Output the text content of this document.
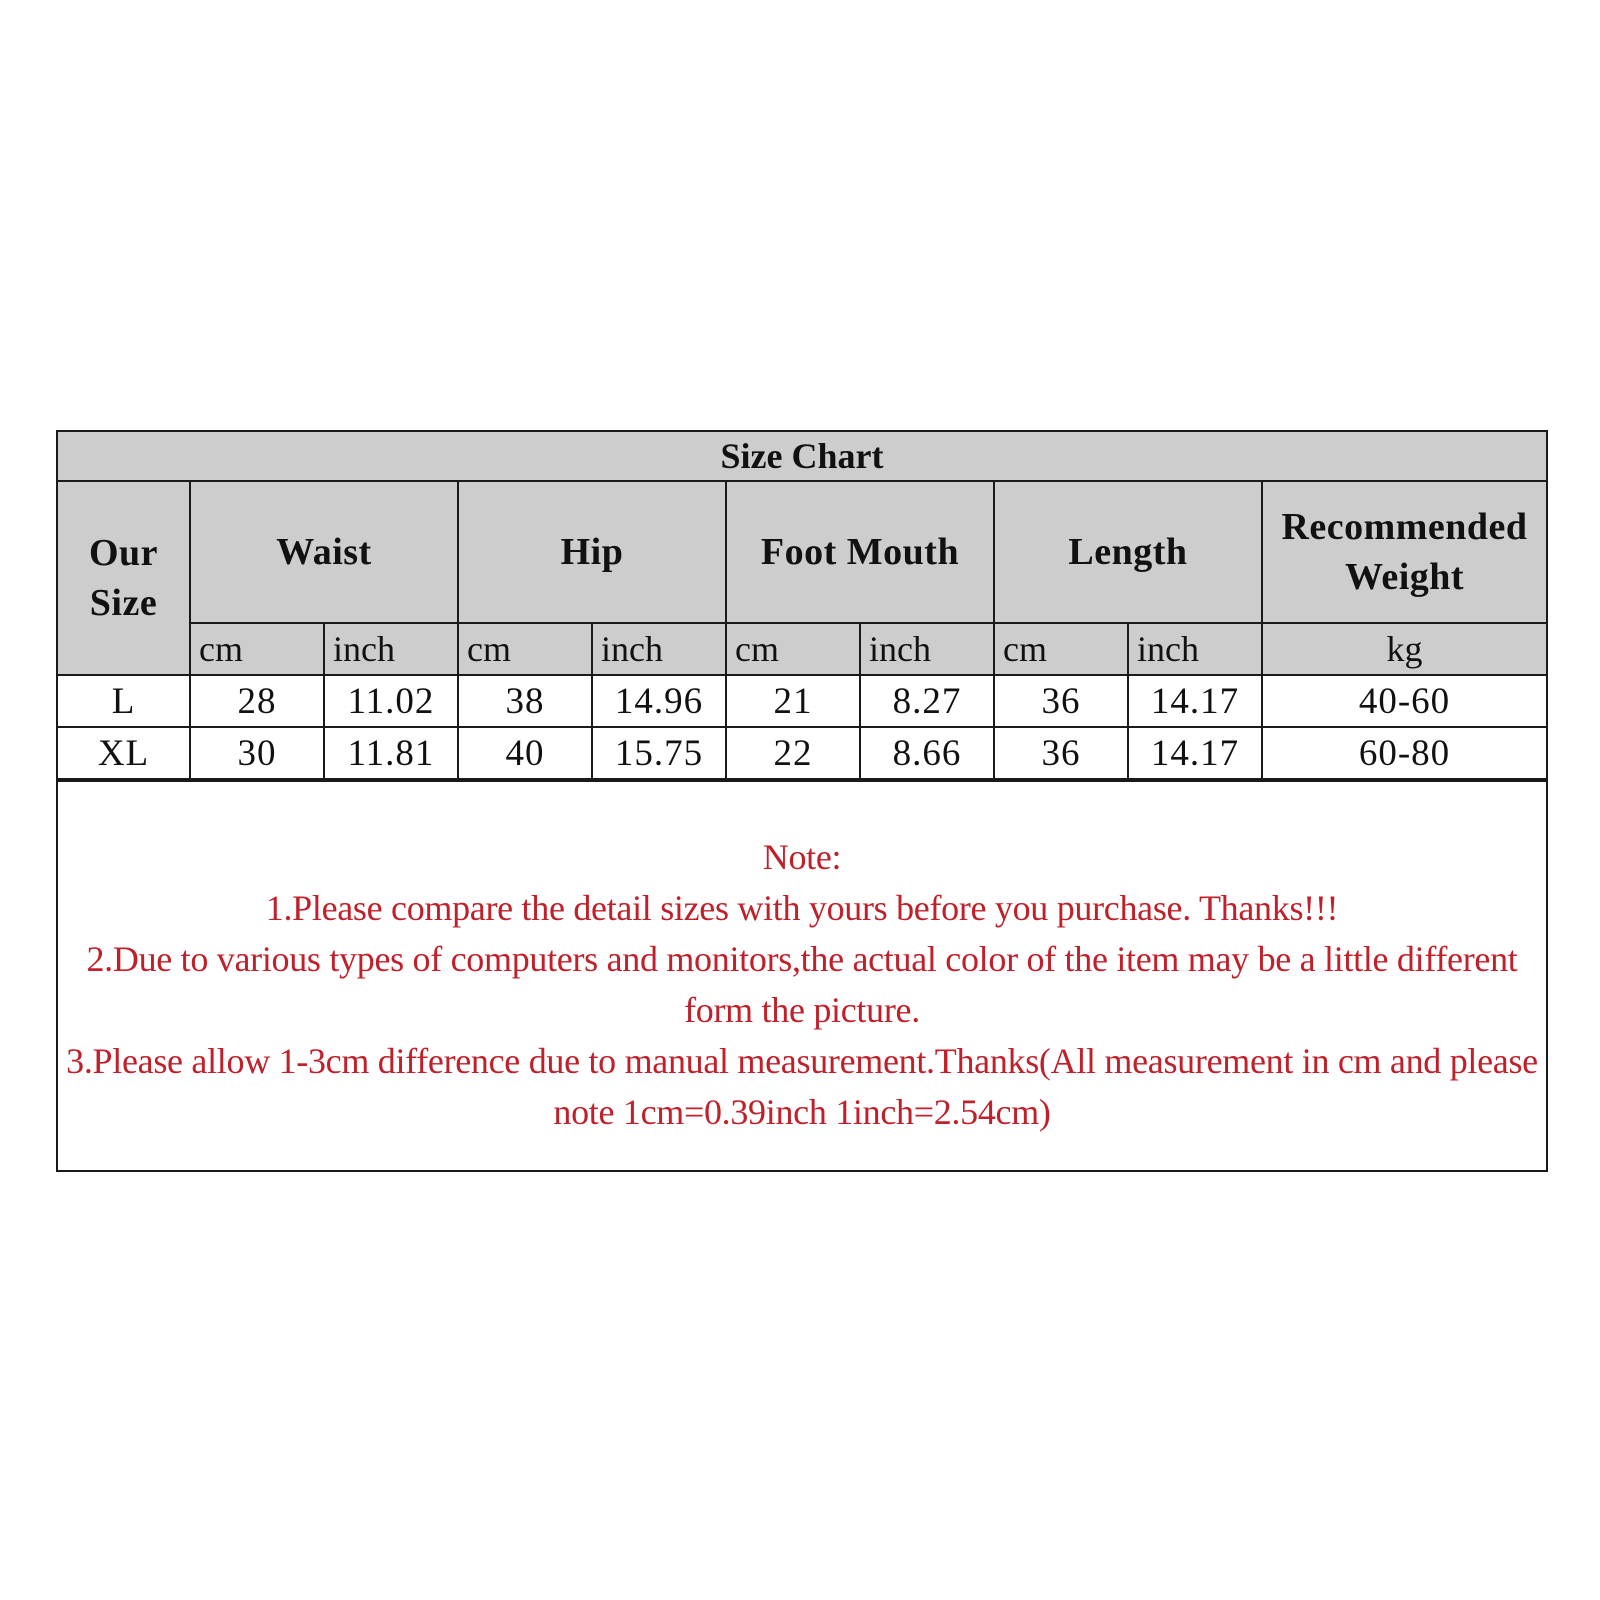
Size Chart									
Our Size	Waist		Hip		Foot Mouth		Length		Recommended Weight
	cm	inch	cm	inch	cm	inch	cm	inch	kg
L	28	11.02	38	14.96	21	8.27	36	14.17	40-60
XL	30	11.81	40	15.75	22	8.66	36	14.17	60-80
Note:
1.Please compare the detail sizes with yours before you purchase. Thanks!!!
2.Due to various types of computers and monitors,the actual color of the item may be a little different form the picture.
3.Please allow 1-3cm difference due to manual measurement.Thanks(All measurement in cm and please note 1cm=0.39inch 1inch=2.54cm)
